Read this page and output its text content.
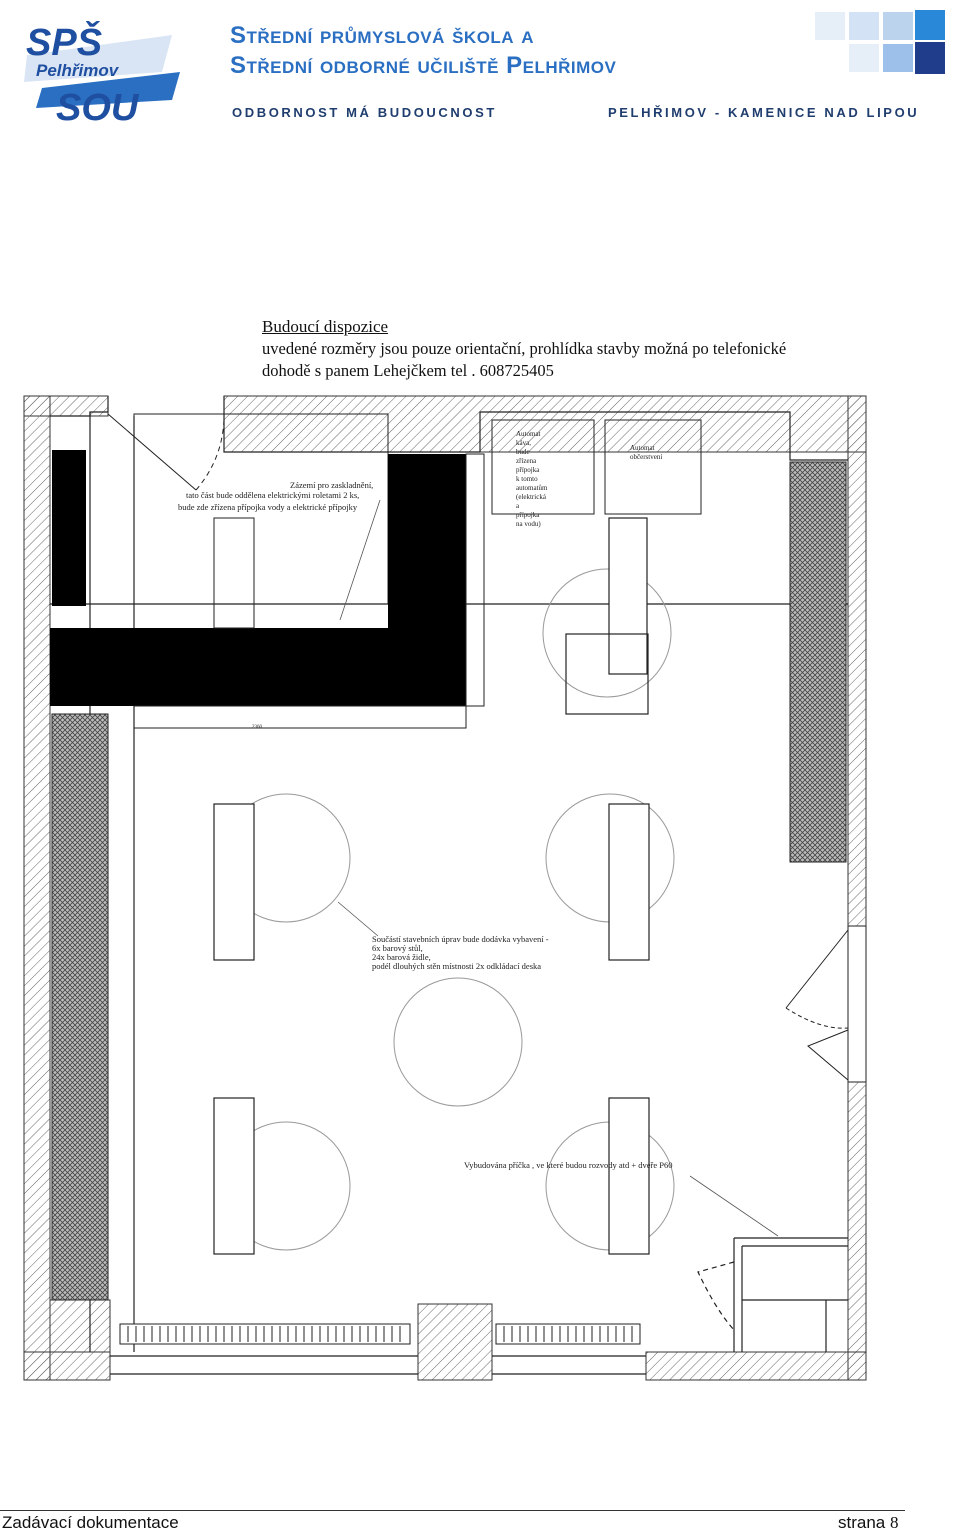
SPŠ
Pelhřimov
SOU
Střední průmyslová škola a
Střední odborné učiliště Pelhřimov
ODBORNOST MÁ BUDOUCNOST	PELHŘIMOV - KAMENICE NAD LIPOU
Budoucí dispozice
uvedené rozměry jsou pouze orientační, prohlídka stavby možná po telefonické
dohodě s panem Lehejčkem tel . 608725405
Zázemí pro zaskladnění,
tato část bude oddělena elektrickými roletami 2 ks,
bude zde zřízena přípojka vody a elektrické přípojky
Automat
káva,
bude
zřízena
přípojka
k tomto
automatům
(elektrická
a
přípojka
na vodu)
Automat
občerstvení
Součástí stavebních úprav bude dodávka vybavení -
6x barový stůl,
24x barová židle,
podél dlouhých stěn místnosti 2x odkládací deska
Vybudována příčka , ve které budou rozvody atd + dveře P60
2360
Zadávací dokumentace	strana 8
